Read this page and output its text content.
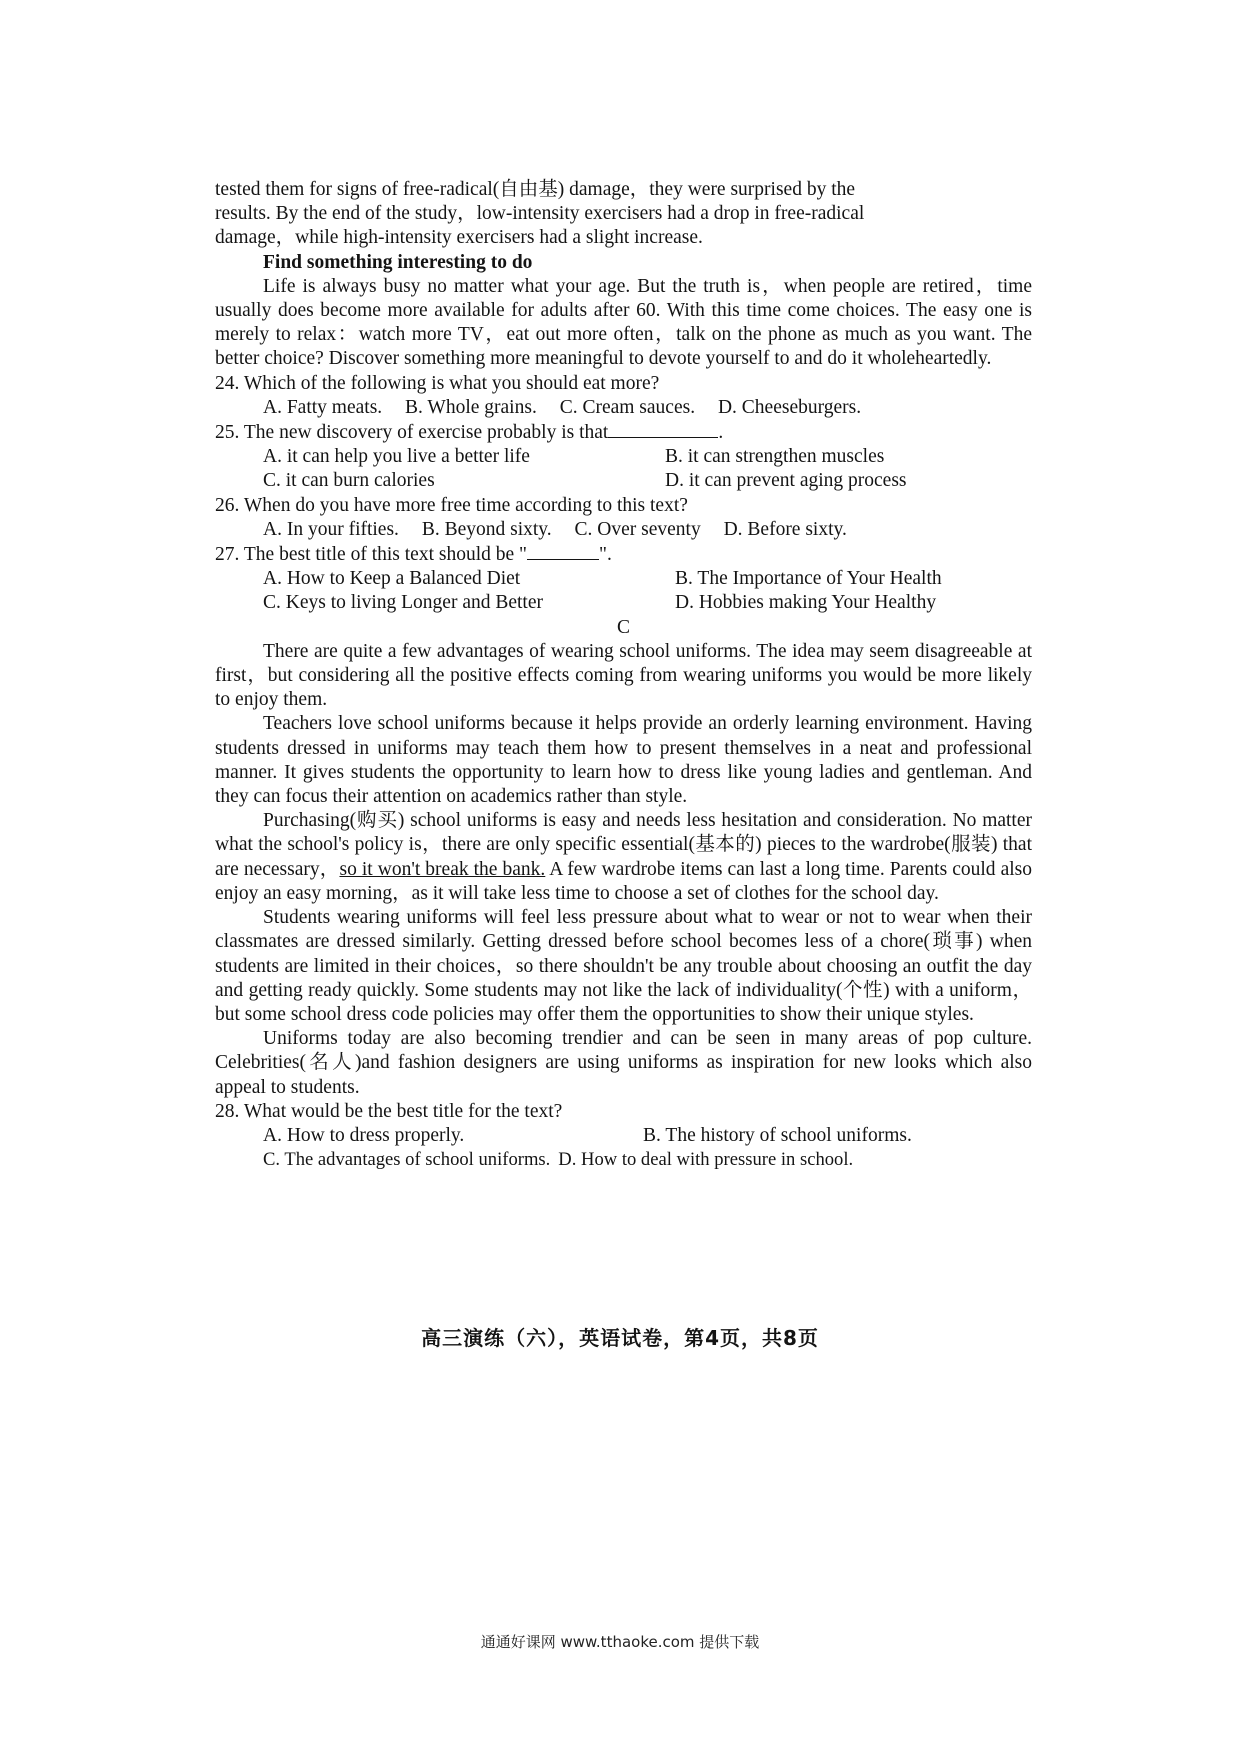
tested them for signs of free-radical(自由基) damage，they were surprised by the
results. By the end of the study，low-intensity exercisers had a drop in free-radical
damage，while high-intensity exercisers had a slight increase.

Find something interesting to do

Life is always busy no matter what your age. But the truth is，when people are retired，time usually does become more available for adults after 60. With this time come choices. The easy one is merely to relax：watch more TV，eat out more often，talk on the phone as much as you want. The better choice? Discover something more meaningful to devote yourself to and do it wholeheartedly.

24. Which of the following is what you should eat more?

A. Fatty meats. B. Whole grains. C. Cream sauces. D. Cheeseburgers.

25. The new discovery of exercise probably is that	.

A. it can help you live a better life	B. it can strengthen muscles
C. it can burn calories	D. it can prevent aging process

26. When do you have more free time according to this text?

A. In your fifties. B. Beyond sixty. C. Over seventy D. Before sixty.

27. The best title of this text should be "	".

A. How to Keep a Balanced Diet	B. The Importance of Your Health
C. Keys to living Longer and Better	D. Hobbies making Your Healthy

C

There are quite a few advantages of wearing school uniforms. The idea may seem disagreeable at first，but considering all the positive effects coming from wearing uniforms you would be more likely to enjoy them.

Teachers love school uniforms because it helps provide an orderly learning environment. Having students dressed in uniforms may teach them how to present themselves in a neat and professional manner. It gives students the opportunity to learn how to dress like young ladies and gentleman. And they can focus their attention on academics rather than style.

Purchasing(购买) school uniforms is easy and needs less hesitation and consideration. No matter what the school's policy is，there are only specific essential(基本的) pieces to the wardrobe(服装) that are necessary，so it won't break the bank. A few wardrobe items can last a long time. Parents could also enjoy an easy morning，as it will take less time to choose a set of clothes for the school day.

Students wearing uniforms will feel less pressure about what to wear or not to wear when their classmates are dressed similarly. Getting dressed before school becomes less of a chore(琐事) when students are limited in their choices，so there shouldn't be any trouble about choosing an outfit the day and getting ready quickly. Some students may not like the lack of individuality(个性) with a uniform，but some school dress code policies may offer them the opportunities to show their unique styles.

Uniforms today are also becoming trendier and can be seen in many areas of pop culture. Celebrities(名人)and fashion designers are using uniforms as inspiration for new looks which also appeal to students.

28. What would be the best title for the text?

A. How to dress properly.	B. The history of school uniforms.
C. The advantages of school uniforms. D. How to deal with pressure in school.
高三演练（六），英语试卷，第4页，共8页
通通好课网 www.tthaoke.com 提供下载
